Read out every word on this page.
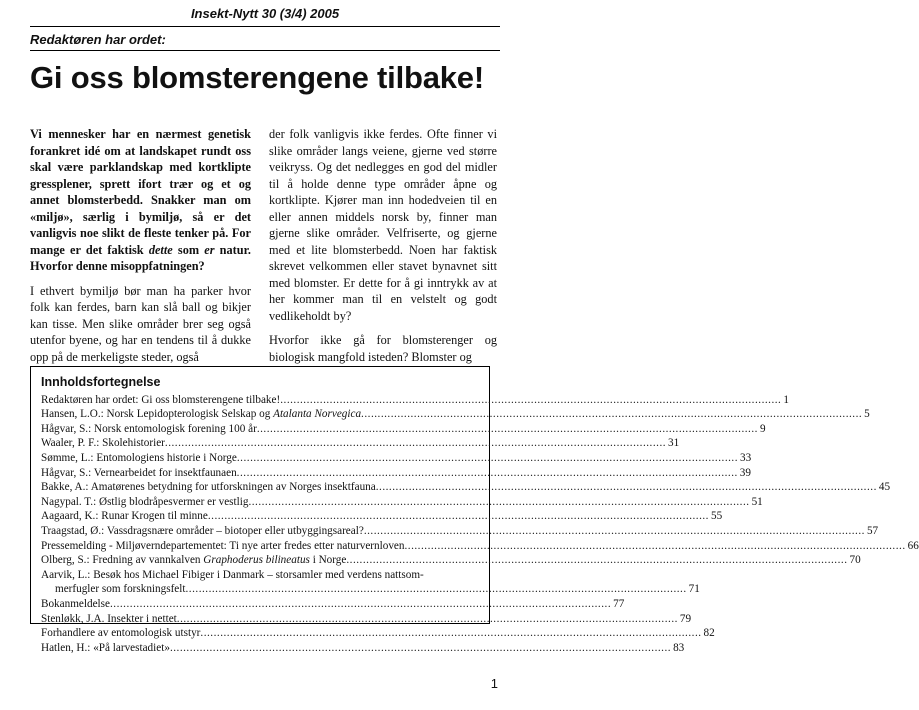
Insekt-Nytt 30 (3/4) 2005
Redaktøren har ordet:
Gi oss blomsterengene tilbake!

Vi mennesker har en nærmest genetisk forankret idé om at landskapet rundt oss skal være parklandskap med kortklipte gressplener, sprett ifort trær og et og annet blomsterbedd. Snakker man om «miljø», særlig i bymiljø, så er det vanligvis noe slikt de fleste tenker på. For mange er det faktisk dette som er natur. Hvorfor denne misoppfatningen?

I ethvert bymiljø bør man ha parker hvor folk kan ferdes, barn kan slå ball og bikjer kan tisse. Men slike områder brer seg også utenfor byene, og har en tendens til å dukke opp på de merkeligste steder, også

der folk vanligvis ikke ferdes. Ofte finner vi slike områder langs veiene, gjerne ved større veikryss. Og det nedlegges en god del midler til å holde denne type områder åpne og kortklipte. Kjører man inn hodedveien til en eller annen middels norsk by, finner man gjerne slike områder. Velfriserte, og gjerne med et lite blomsterbedd. Noen har faktisk skrevet velkommen eller stavet bynavnet sitt med blomster. Er dette for å gi inntrykk av at her kommer man til en velstelt og godt vedlikeholdt by?

Hvorfor ikke gå for blomsterenger og biologisk mangfold isteden? Blomster og

Innholdsfortegnelse
Redaktøren har ordet: Gi oss blomsterengene tilbake! .....	1
Hansen, L.O.: Norsk Lepidopterologisk Selskap og Atalanta Norvegica .....	5
Hågvar, S.: Norsk entomologisk forening 100 år .....	9
Waaler, P. F.: Skolehistorier .....	31
Sømme, L.: Entomologiens historie i Norge .....	33
Hågvar, S.: Vernearbeidet for insektfaunaen .....	39
Bakke, A.: Amatørenes betydning for utforskningen av Norges insektfauna .....	45
Nagypal. T.: Østlig blodråpesvermer er vestlig .....	51
Aagaard, K.: Runar Krogen til minne .....	55
Traagstad, Ø.: Vassdragsnære områder – biotoper eller utbyggingsareal? .....	57
Pressemelding - Miljøverndepartementet: Ti nye arter fredes etter naturvernloven .....	66
Olberg, S.: Fredning av vannkalven Graphoderus bilineatus i Norge .....	70
Aarvik, L.: Besøk hos Michael Fibiger i Danmark – storsamler med verdens nattsom-
merfugler som forskningsfelt .....	71
Bokanmeldelse .....	77
Stenløkk, J.A. Insekter i nettet .....	79
Forhandlere av entomologisk utstyr .....	82
Hatlen, H.: «På larvestadiet» .....	83
1
